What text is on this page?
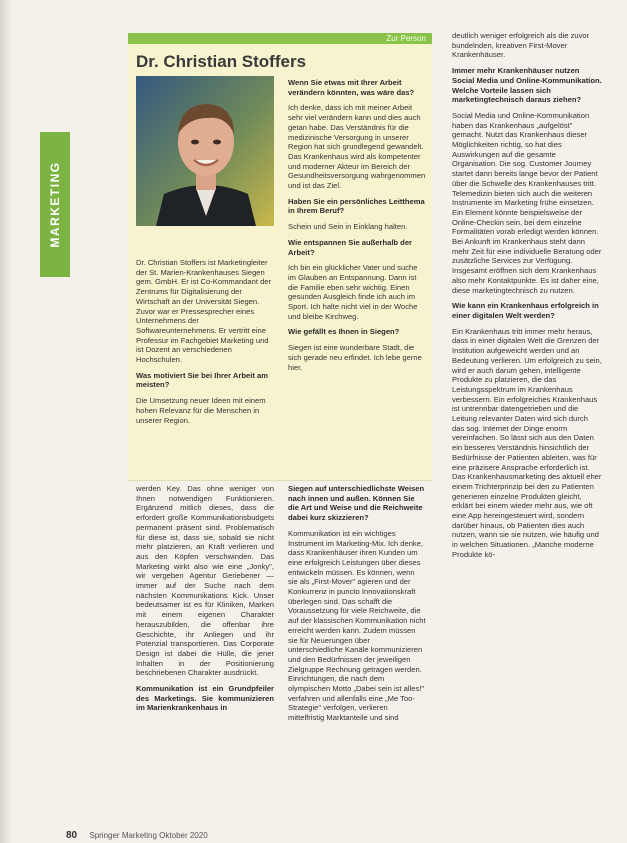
MARKETING
Zur Person
Dr. Christian Stoffers

Dr. Christian Stoffers ist Marketingleiter der St. Marien-Krankenhauses Siegen gem. GmbH. Er ist Co-Kommandant der Zentrums für Digitalisierung der Wirtschaft an der Universität Siegen. Zuvor war er Pressesprecher eines Unternehmens der Softwareunternehmens. Er vertritt eine Professur im Fachgebiet Marketing und ist Dozent an verschiedenen Hochschulen.

Was motiviert Sie bei Ihrer Arbeit am meisten?

Die Umsetzung neuer Ideen mit einem hohen Relevanz für die Menschen in unserer Region.

Wenn Sie etwas mit Ihrer Arbeit verändern könnten, was wäre das?

Ich denke, dass ich mit meiner Arbeit sehr viel verändern kann und dies auch getan habe. Das Verständnis für die medizinische Versorgung in unserer Region hat sich grundlegend gewandelt. Das Krankenhaus wird als kompetenter und moderner Akteur im Bereich der Gesundheitsversorgung wahrgenommen und ist das Ziel.

Haben Sie ein persönliches Leitthema in Ihrem Beruf?

Schein und Sein in Einklang halten.

Wie entspannen Sie außerhalb der Arbeit?

Ich bin ein glücklicher Vater und suche im Glauben an Entspannung. Dann ist die Familie eben sehr wichtig. Einen gesunden Ausgleich finde ich auch im Sport. Ich halte nicht viel in der Woche und bleibe Kirchweg.

Wie gefällt es Ihnen in Siegen?

Siegen ist eine wunderbare Stadt, die sich gerade neu erfindet. Ich lebe gerne hier.

werden Key. Das ohne weniger von Ihnen notwendigen Funktionieren. Ergänzend mitlich dieses, dass die erfordert große Kommunikationsbudgets permanent präsent sind. Problematisch für diese ist, dass sie, sobald sie nicht mehr platzieren, an Kraft verlieren und aus den Köpfen verschwinden. Das Marketing wirkt also wie eine „Jonky", wir vergeben Agentur Geriebener — immer auf der Suche nach dem nächsten Kommunikations Kick. Unser bedeutsamer ist es für Kliniken, Marken mit einem eigenen Charakter herauszubilden, die offenbar ihre Geschichte, ihr Anliegen und ihr Potenzial transportieren. Das Corporate Design ist dabei die Hülle, die jener Inhalten in der Positionierung beschriebenen Charakter ausdrückt.

Kommunikation ist ein Grundpfeiler des Marketings. Sie kommunizieren im Marienkrankenhaus in

Siegen auf unterschiedlichste Weisen nach innen und außen. Können Sie die Art und Weise und die Reichweite dabei kurz skizzieren?

Kommunikation ist ein wichtiges Instrument im Marketing-Mix. Ich denke, dass Krankenhäuser ihren Kunden um eine erfolgreich Leistungen über dieses entwickeln müssen. Es können, wenn sie als „First-Mover" agieren und der Konkurrenz in puncto Innovationskraft überlegen sind. Das schafft die Voraussetzung für viele Reichweite, die auf der klassischen Kommunikation nicht erreicht werden kann. Zudem müssen sie für Neuerungen über unterschiedliche Kanäle kommunizieren und den Bedürfnissen der jeweiligen Zielgruppe Rechnung getragen werden. Einrichtungen, die nach dem olympischen Motto „Dabei sein ist alles!" verfahren und allenfalls eine „Me Too-Strategie" verfolgen, verlieren mittelfristig Marktanteile und sind

deutlich weniger erfolgreich als die zuvor bundelnden, kreativen First-Mover Krankenhäuser.

Immer mehr Krankenhäuser nutzen Social Media und Online-Kommunikation. Welche Vorteile lassen sich marketingtechnisch daraus ziehen?

Social Media und Online-Kommunikation haben das Krankenhaus „aufgelöst" gemacht. Nutzt das Krankenhaus dieser Möglichkeiten richtig, so hat dies Auswirkungen auf die gesamte Organisation. Die sog. Customer Journey startet dann bereits lange bevor der Patient über die Schwelle des Krankenhauses tritt. Telemedizin bieten sich auch die weiteren Instrumente im Marketing frühe einsetzen. Ein Element könnte beispielsweise der Online-Checkin sein, bei dem einzelne Formalitäten vorab erledigt werden können. Bei Ankunft im Krankenhaus steht dann mehr Zeit für eine individuelle Beratung oder zusätzliche Services zur Verfügung. Insgesamt eröffnen sich dem Krankenhaus also mehr Kontaktpunkte. Es ist daher eine, diese marketingtechnisch zu nutzen.

Wie kann ein Krankenhaus erfolgreich in einer digitalen Welt werden?

Ein Krankenhaus tritt immer mehr heraus, dass in einer digitalen Welt die Grenzen der Institution aufgeweicht werden und an Bedeutung verlieren. Um erfolgreich zu sein, wird er auch darum gehen, intelligente Produkte zu platzieren, die das Leistungsspektrum im Krankenhaus verbessern. Ein erfolgreiches Krankenhaus ist untrennbar datengetrieben und die Leitung relevanter Daten wird sich durch das sog. Internet der Dinge enorm vereinfachen. So lässt sich aus den Daten ein besseres Verständnis hinsichtlich der Bedürfnisse der Patienten ableiten, was für eine präzisere Ansprache erforderlich ist. Das Krankenhausmarketing des aktuell eher einem Trichterprinzip bei den zu Patienten generieren einzelne Produkten gleicht, erklärt bei einem wieder mehr aus, wie oft eine App hereingesteuert wird, sondern darüber hinaus, ob Patienten dies auch nutzen, wann sie sie nutzen, wie häufig und in welchen Situationen. „Manche moderne Produkte kö-

80 Springer Marketing Oktober 2020
